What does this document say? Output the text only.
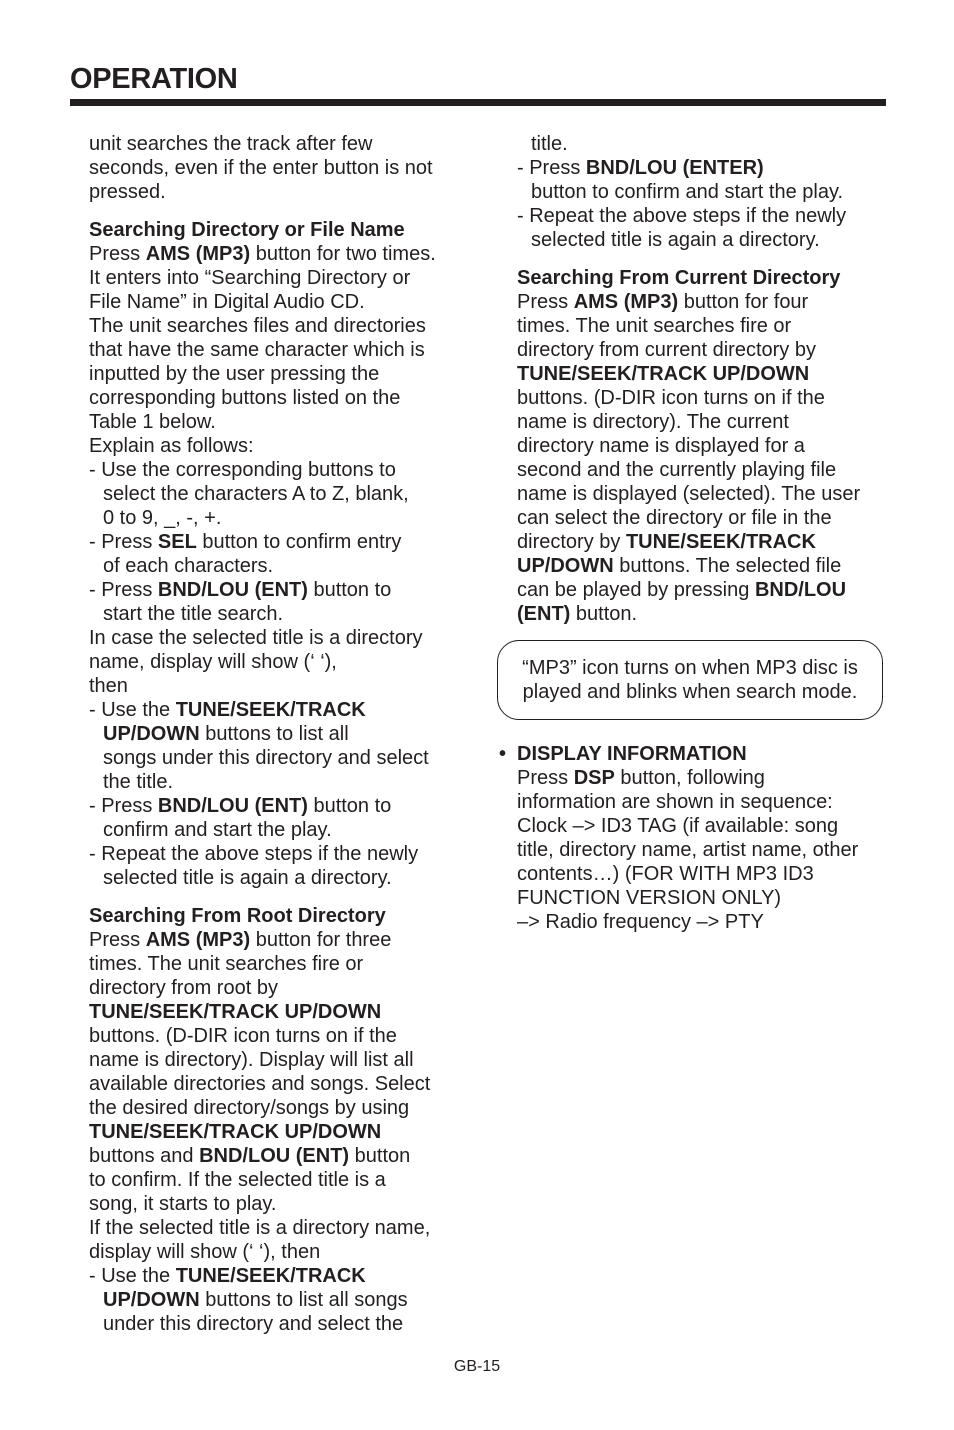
OPERATION
unit searches the track after few
seconds, even if the enter button is not
pressed.
Searching Directory or File Name
Press AMS (MP3) button for two times.
It enters into “Searching Directory or
File Name” in Digital Audio CD.
The unit searches files and directories
that have the same character which is
inputted by the user pressing the
corresponding buttons listed on the
Table 1 below.
Explain as follows:
- Use the corresponding buttons to
select the characters A to Z, blank,
0 to 9, _, -, +.
- Press SEL button to confirm entry
of each characters.
- Press BND/LOU (ENT) button to
start the title search.
In case the selected title is a directory
name, display will show (‘ ‘),
then
- Use the TUNE/SEEK/TRACK
UP/DOWN buttons to list all
songs under this directory and select
the title.
- Press BND/LOU (ENT) button to
confirm and start the play.
- Repeat the above steps if the newly
selected title is again a directory.
Searching From Root Directory
Press AMS (MP3) button for three
times. The unit searches fire or
directory from root by
TUNE/SEEK/TRACK UP/DOWN
buttons. (D-DIR icon turns on if the
name is directory). Display will list all
available directories and songs. Select
the desired directory/songs by using
TUNE/SEEK/TRACK UP/DOWN
buttons and BND/LOU (ENT) button
to confirm. If the selected title is a
song, it starts to play.
If the selected title is a directory name,
display will show (‘ ‘), then
- Use the TUNE/SEEK/TRACK
UP/DOWN buttons to list all songs
under this directory and select the
title.
- Press BND/LOU (ENTER)
button to confirm and start the play.
- Repeat the above steps if the newly
selected title is again a directory.
Searching From Current Directory
Press AMS (MP3) button for four
times. The unit searches fire or
directory from current directory by
TUNE/SEEK/TRACK UP/DOWN
buttons. (D-DIR icon turns on if the
name is directory). The current
directory name is displayed for a
second and the currently playing file
name is displayed (selected). The user
can select the directory or file in the
directory by TUNE/SEEK/TRACK
UP/DOWN buttons. The selected file
can be played by pressing BND/LOU
(ENT) button.
“MP3” icon turns on when MP3 disc is
played and blinks when search mode.
• DISPLAY INFORMATION
Press DSP button, following
information are shown in sequence:
Clock –> ID3 TAG (if available: song
title, directory name, artist name, other
contents…) (FOR WITH MP3 ID3
FUNCTION VERSION ONLY)
–> Radio frequency –> PTY
GB-15
